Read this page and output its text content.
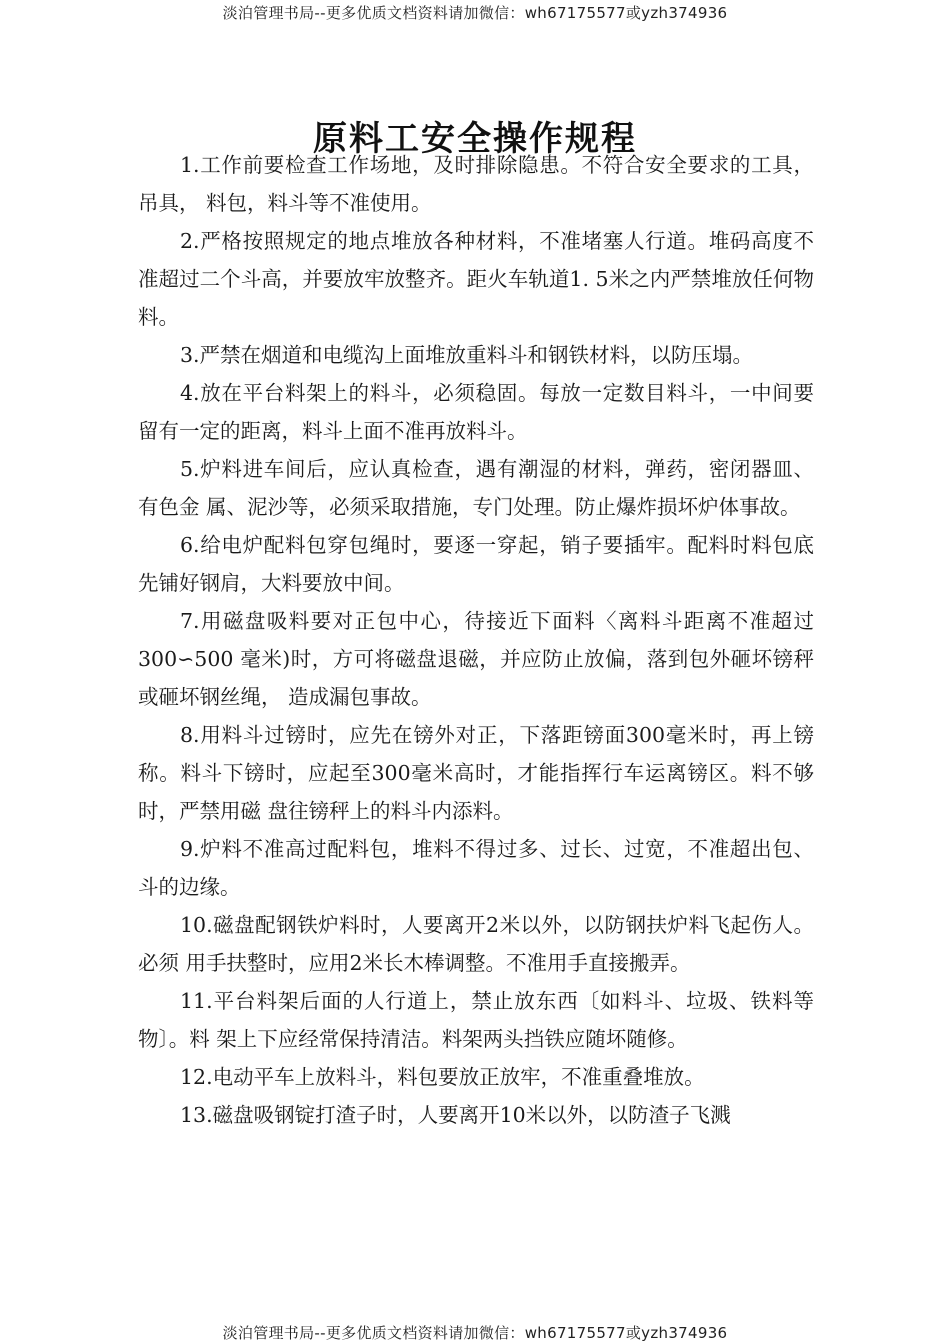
淡泊管理书局--更多优质文档资料请加微信：wh67175577或yzh374936
原料工安全操作规程

1.工作前要检查工作场地，及时排除隐患。不符合安全要求的工具，吊具， 料包，料斗等不准使用。

2.严格按照规定的地点堆放各种材料，不准堵塞人行道。堆码高度不准超过二个斗高，并要放牢放整齐。距火车轨道1. 5米之内严禁堆放任何物料。

3.严禁在烟道和电缆沟上面堆放重料斗和钢铁材料，以防压塌。

4.放在平台料架上的料斗，必须稳固。每放一定数目料斗，一中间要留有一定的距离，料斗上面不准再放料斗。

5.炉料进车间后，应认真检查，遇有潮湿的材料，弹药，密闭器皿、有色金 属、泥沙等，必须采取措施，专门处理。防止爆炸损坏炉体事故。

6.给电炉配料包穿包绳时，要逐一穿起，销子要插牢。配料时料包底先铺好钢肩，大料要放中间。

7.用磁盘吸料要对正包中心，待接近下面料〈离料斗距离不准超过300∽500 毫米)时，方可将磁盘退磁，并应防止放偏，落到包外砸坏镑秤或砸坏钢丝绳， 造成漏包事故。

8.用料斗过镑时，应先在镑外对正，下落距镑面300毫米时，再上镑称。料斗下镑时，应起至300毫米高时，才能指挥行车运离镑区。料不够时，严禁用磁 盘往镑秤上的料斗内添料。

9.炉料不准高过配料包，堆料不得过多、过长、过宽，不准超出包、斗的边缘。

10.磁盘配钢铁炉料时，人要离开2米以外，以防钢扶炉料飞起伤人。必须 用手扶整时，应用2米长木棒调整。不准用手直接搬弄。

11.平台料架后面的人行道上，禁止放东西〔如料斗、垃圾、铁料等物〕。料 架上下应经常保持清洁。料架两头挡铁应随坏随修。

12.电动平车上放料斗，料包要放正放牢，不准重叠堆放。

13.磁盘吸钢锭打渣子时，人要离开10米以外，以防渣子飞溅

淡泊管理书局--更多优质文档资料请加微信：wh67175577或yzh374936
